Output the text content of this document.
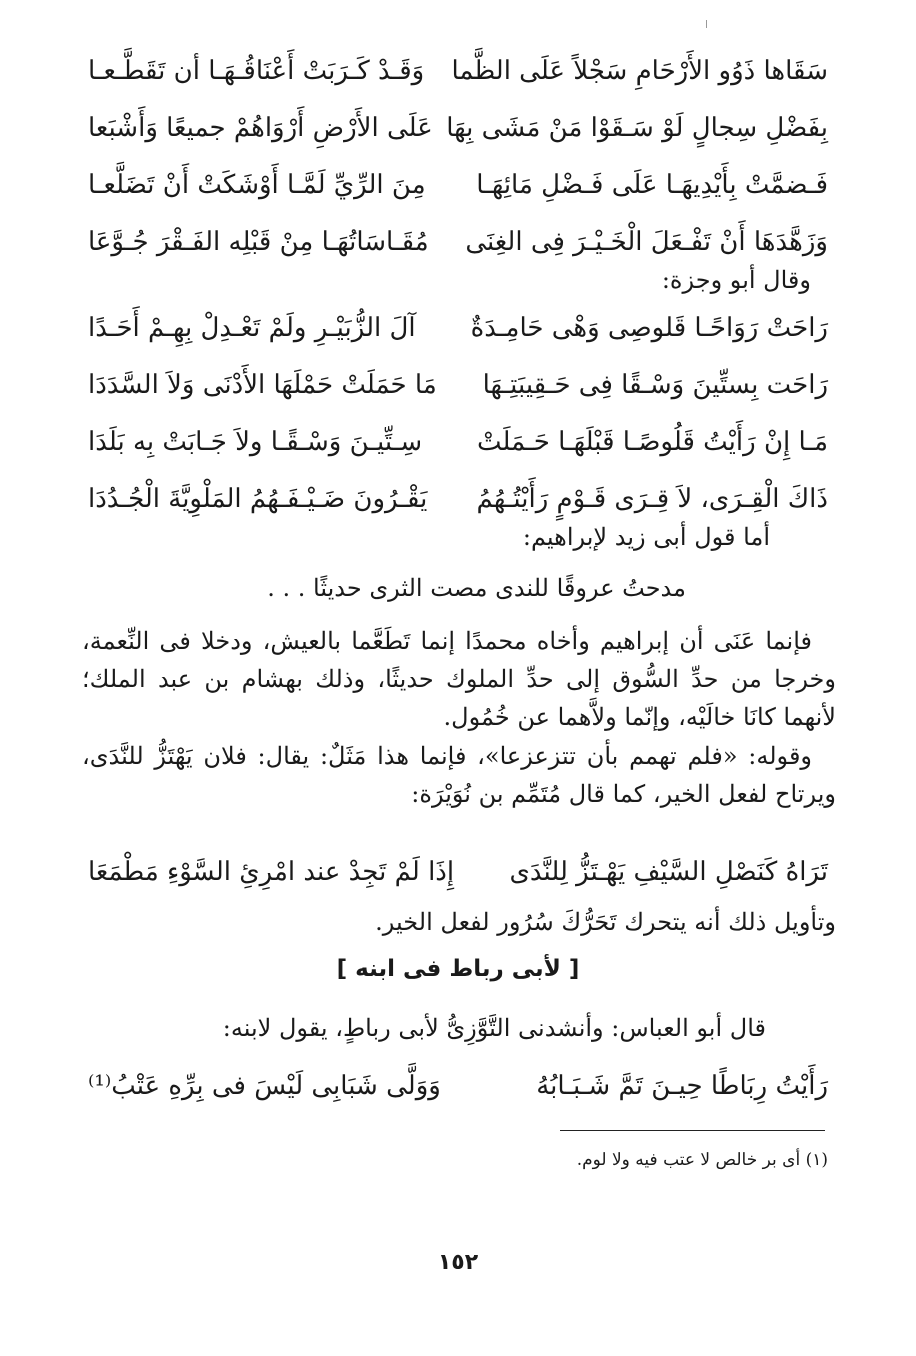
سَقَاها ذَوُو الأَرْحَامِ سَجْلاً عَلَى الظَّما
وَقَـدْ كَـرَبَتْ أَعْنَاقُـهَـا أن تَقَطَّـعـا
بِفَضْلِ سِجالٍ لَوْ سَـقَوْا مَنْ مَشَى بِهَا
عَلَى الأَرْضِ أَرْوَاهُمْ جميعًا وَأَشْبَعا
فَـضمَّتْ بِأَيْدِيهَـا عَلَى فَـضْلِ مَائِهَـا
مِنَ الرِّيِّ لَمَّـا أَوْشَكَتْ أَنْ تَضَلَّعـا
وَزَهَّدَهَا أَنْ تَفْـعَلَ الْخَـيْـرَ فِى الغِنَى
مُقَـاسَاتُهَـا مِنْ قَبْلِه الفَـقْرَ جُـوَّعَا
وقال أبو وجزة:
رَاحَتْ رَوَاحًـا قَلوصِى وَهْى حَامِـدَةٌ
آلَ الزُّبَيْـرِ ولَمْ تَعْـدِلْ بِهِـمْ أَحَـدًا
رَاحَت بِستِّينَ وَسْـقًا فِى حَـقِيبَتِـهَا
مَا حَمَلَتْ حَمْلَهَا الأَدْنَى وَلاَ السَّدَدَا
مَـا إِنْ رَأَيْتُ قَلُوصًـا قَبْلَهَـا حَـمَلَتْ
سِـتِّيـنَ وَسْـقًـا ولاَ جَـابَتْ بِه بَلَدَا
ذَاكَ الْقِـرَى، لاَ قِـرَى قَـوْمٍ رَأَيْتُـهُمُ
يَقْـرُونَ ضَـيْـفَـهُمُ المَلْوِيَّةَ الْجُـدُدَا
أما قول أبى زيد لإبراهيم:
مدحتُ عروقًا للندى مصت الثرى حديثًا . . .
فإنما عَنَى أن إبراهيم وأخاه محمدًا إنما تَطَعَّما بالعيش، ودخلا فى النِّعمة، وخرجا من حدِّ السُّوق إلى حدِّ الملوك حديثًا، وذلك بهشام بن عبد الملك؛ لأنهما كانَا خالَيْه، وإنّما ولاَّهما عن خُمُول.
وقوله: «فلم تهمم بأن تتزعزعا»، فإنما هذا مَثَلٌ: يقال: فلان يَهْتَزُّ للنَّدَى، ويرتاح لفعل الخير، كما قال مُتَمِّم بن نُوَيْرَة:
تَرَاهُ كَنَصْلِ السَّيْفِ يَهْـتَزُّ لِلنَّدَى
إِذَا لَمْ تَجِدْ عند امْرِئِ السَّوْءِ مَطْمَعَا
وتأويل ذلك أنه يتحرك تَحَرُّكَ سُرُور لفعل الخير.
[ لأبى رباط فى ابنه ]
قال أبو العباس: وأنشدنى التَّوَّزِىُّ لأبى رباطٍ، يقول لابنه:
رَأَيْتُ رِبَاطًا حِيـنَ تَمَّ شَـبَـابُهُ
وَوَلَّى شَبَابِى لَيْسَ فى بِرِّهِ عَتْبُ⁽¹⁾
(١) أى بر خالص لا عتب فيه ولا لوم.
١٥٢
